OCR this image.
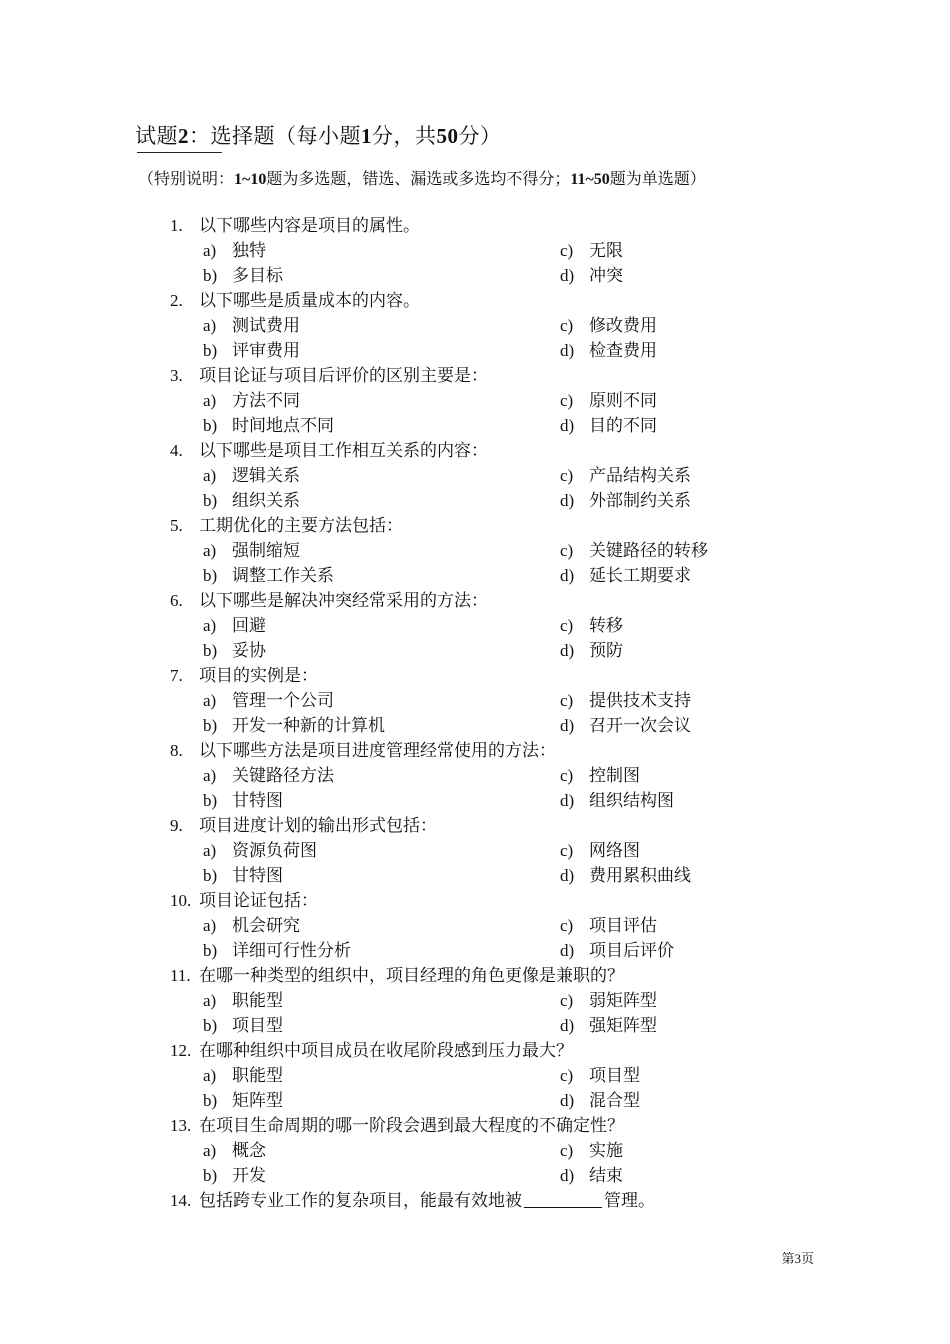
试题2：选择题（每小题1分，共50分）
（特别说明：1~10题为多选题，错选、漏选或多选均不得分；11~50题为单选题）
1. 以下哪些内容是项目的属性。
a) 独特	c) 无限
b) 多目标	d) 冲突
2. 以下哪些是质量成本的内容。
a) 测试费用	c) 修改费用
b) 评审费用	d) 检查费用
3. 项目论证与项目后评价的区别主要是：
a) 方法不同	c) 原则不同
b) 时间地点不同	d) 目的不同
4. 以下哪些是项目工作相互关系的内容：
a) 逻辑关系	c) 产品结构关系
b) 组织关系	d) 外部制约关系
5. 工期优化的主要方法包括：
a) 强制缩短	c) 关键路径的转移
b) 调整工作关系	d) 延长工期要求
6. 以下哪些是解决冲突经常采用的方法：
a) 回避	c) 转移
b) 妥协	d) 预防
7. 项目的实例是：
a) 管理一个公司	c) 提供技术支持
b) 开发一种新的计算机	d) 召开一次会议
8. 以下哪些方法是项目进度管理经常使用的方法：
a) 关键路径方法	c) 控制图
b) 甘特图	d) 组织结构图
9. 项目进度计划的输出形式包括：
a) 资源负荷图	c) 网络图
b) 甘特图	d) 费用累积曲线
10. 项目论证包括：
a) 机会研究	c) 项目评估
b) 详细可行性分析	d) 项目后评价
11. 在哪一种类型的组织中，项目经理的角色更像是兼职的？
a) 职能型	c) 弱矩阵型
b) 项目型	d) 强矩阵型
12. 在哪种组织中项目成员在收尾阶段感到压力最大？
a) 职能型	c) 项目型
b) 矩阵型	d) 混合型
13. 在项目生命周期的哪一阶段会遇到最大程度的不确定性？
a) 概念	c) 实施
b) 开发	d) 结束
14. 包括跨专业工作的复杂项目，能最有效地被	管理。
第3页
